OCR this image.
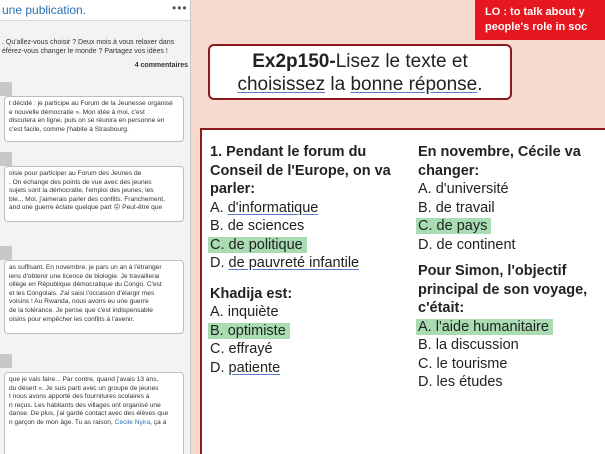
une publication.	•••
. Qu'allez-vous choisir ? Deux mois à vous relaxer dans
éférez-vous changer le monde ? Partagez vos idées !
4 commentaires
t décidé : je participe au Forum de la Jeunesse organisé
e nouvelle démocratie ». Mon idée à moi, c'est
discutera en ligne, puis on se réunira en personne en
c'est facile, comme j'habite à Strasbourg.
oisie pour participer au Forum des Jeunes de
. On échange des points de vue avec des jeunes
sujets sont la démocratie, l'emploi des jeunes, les
ble... Moi, j'aimerais parler des conflits. Franchement,
and une guerre éclate quelque part ☹ Peut-être que
as suffisant. En novembre, je pars un an à l'étranger
iens d'obtenir une licence de biologie. Je travaillerai
ollège en République démocratique du Congo. C'est
et les Congolais. J'ai saisi l'occasion d'élargir mes
voisins ! Au Rwanda, nous avons eu une guerre
de la tolérance. Je pense que c'est indispensable
oisins pour empêcher les conflits à l'avenir.
que je vais faire... Par contre, quand j'avais 13 ans,
du désert ». Je suis parti avec un groupe de jeunes
t nous avons apporté des fournitures scolaires à
n reçus. Les habitants des villages ont organisé une
danse. De plus, j'ai gardé contact avec des élèves que
n garçon de mon âge. Tu as raison, Cécile Nyira, ça a
LO : to talk about y
people's role in soc
Ex2p150-Lisez le texte et
choisissez la bonne réponse.
1. Pendant le forum du
Conseil de l'Europe, on va
parler:
A. d'informatique
B. de sciences
C. de politique
D. de pauvreté infantile
Khadija est:
A. inquiète
B. optimiste
C. effrayé
D. patiente
En novembre, Cécile va
changer:
A. d'université
B. de travail
C. de pays
D. de continent
Pour Simon, l'objectif
principal de son voyage,
c'était:
A. l'aide humanitaire
B. la discussion
C. le tourisme
D. les études
